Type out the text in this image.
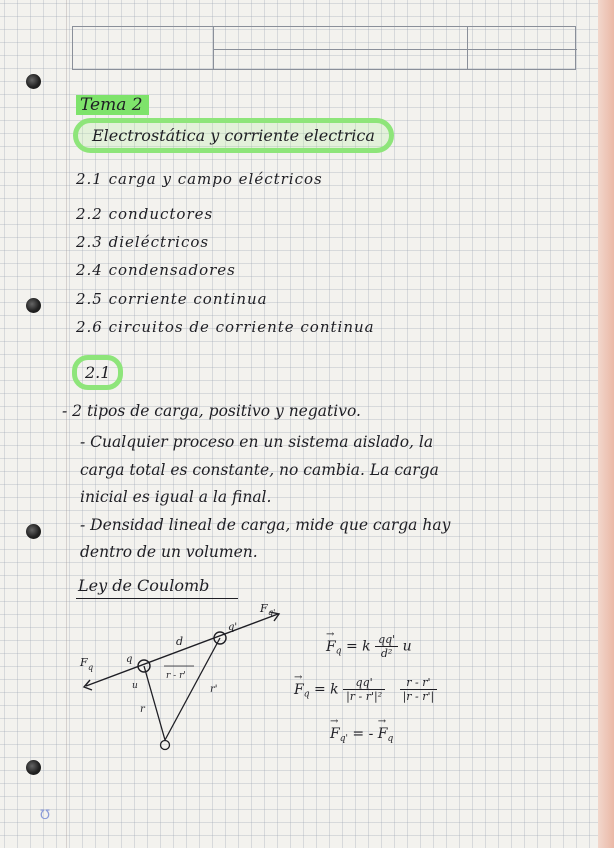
Tema 2
Electrostática y corriente electrica
2.1 carga y campo eléctricos
2.2 conductores
2.3 dieléctricos
2.4 condensadores
2.5 corriente continua
2.6 circuitos de corriente continua
2.1
- 2 tipos de carga, positivo y negativo.
- Cualquier proceso en un sistema aislado, la
carga total es constante, no cambia. La carga
inicial es igual a la final.
- Densidad lineal de carga, mide que carga hay
dentro de un volumen.
Ley de Coulomb
F q'
q'
d
F q
q
u
r - r'
r
r'
→ $F_q = k \frac{qq'}{\text{d²}}$ u
→ $F_q = k \frac{qq'}{\text{|r - r'|²}}$
$\frac{r - r'}{|r - r'|}$
→ $F_{q'}$ = - → $F_q$
℧
